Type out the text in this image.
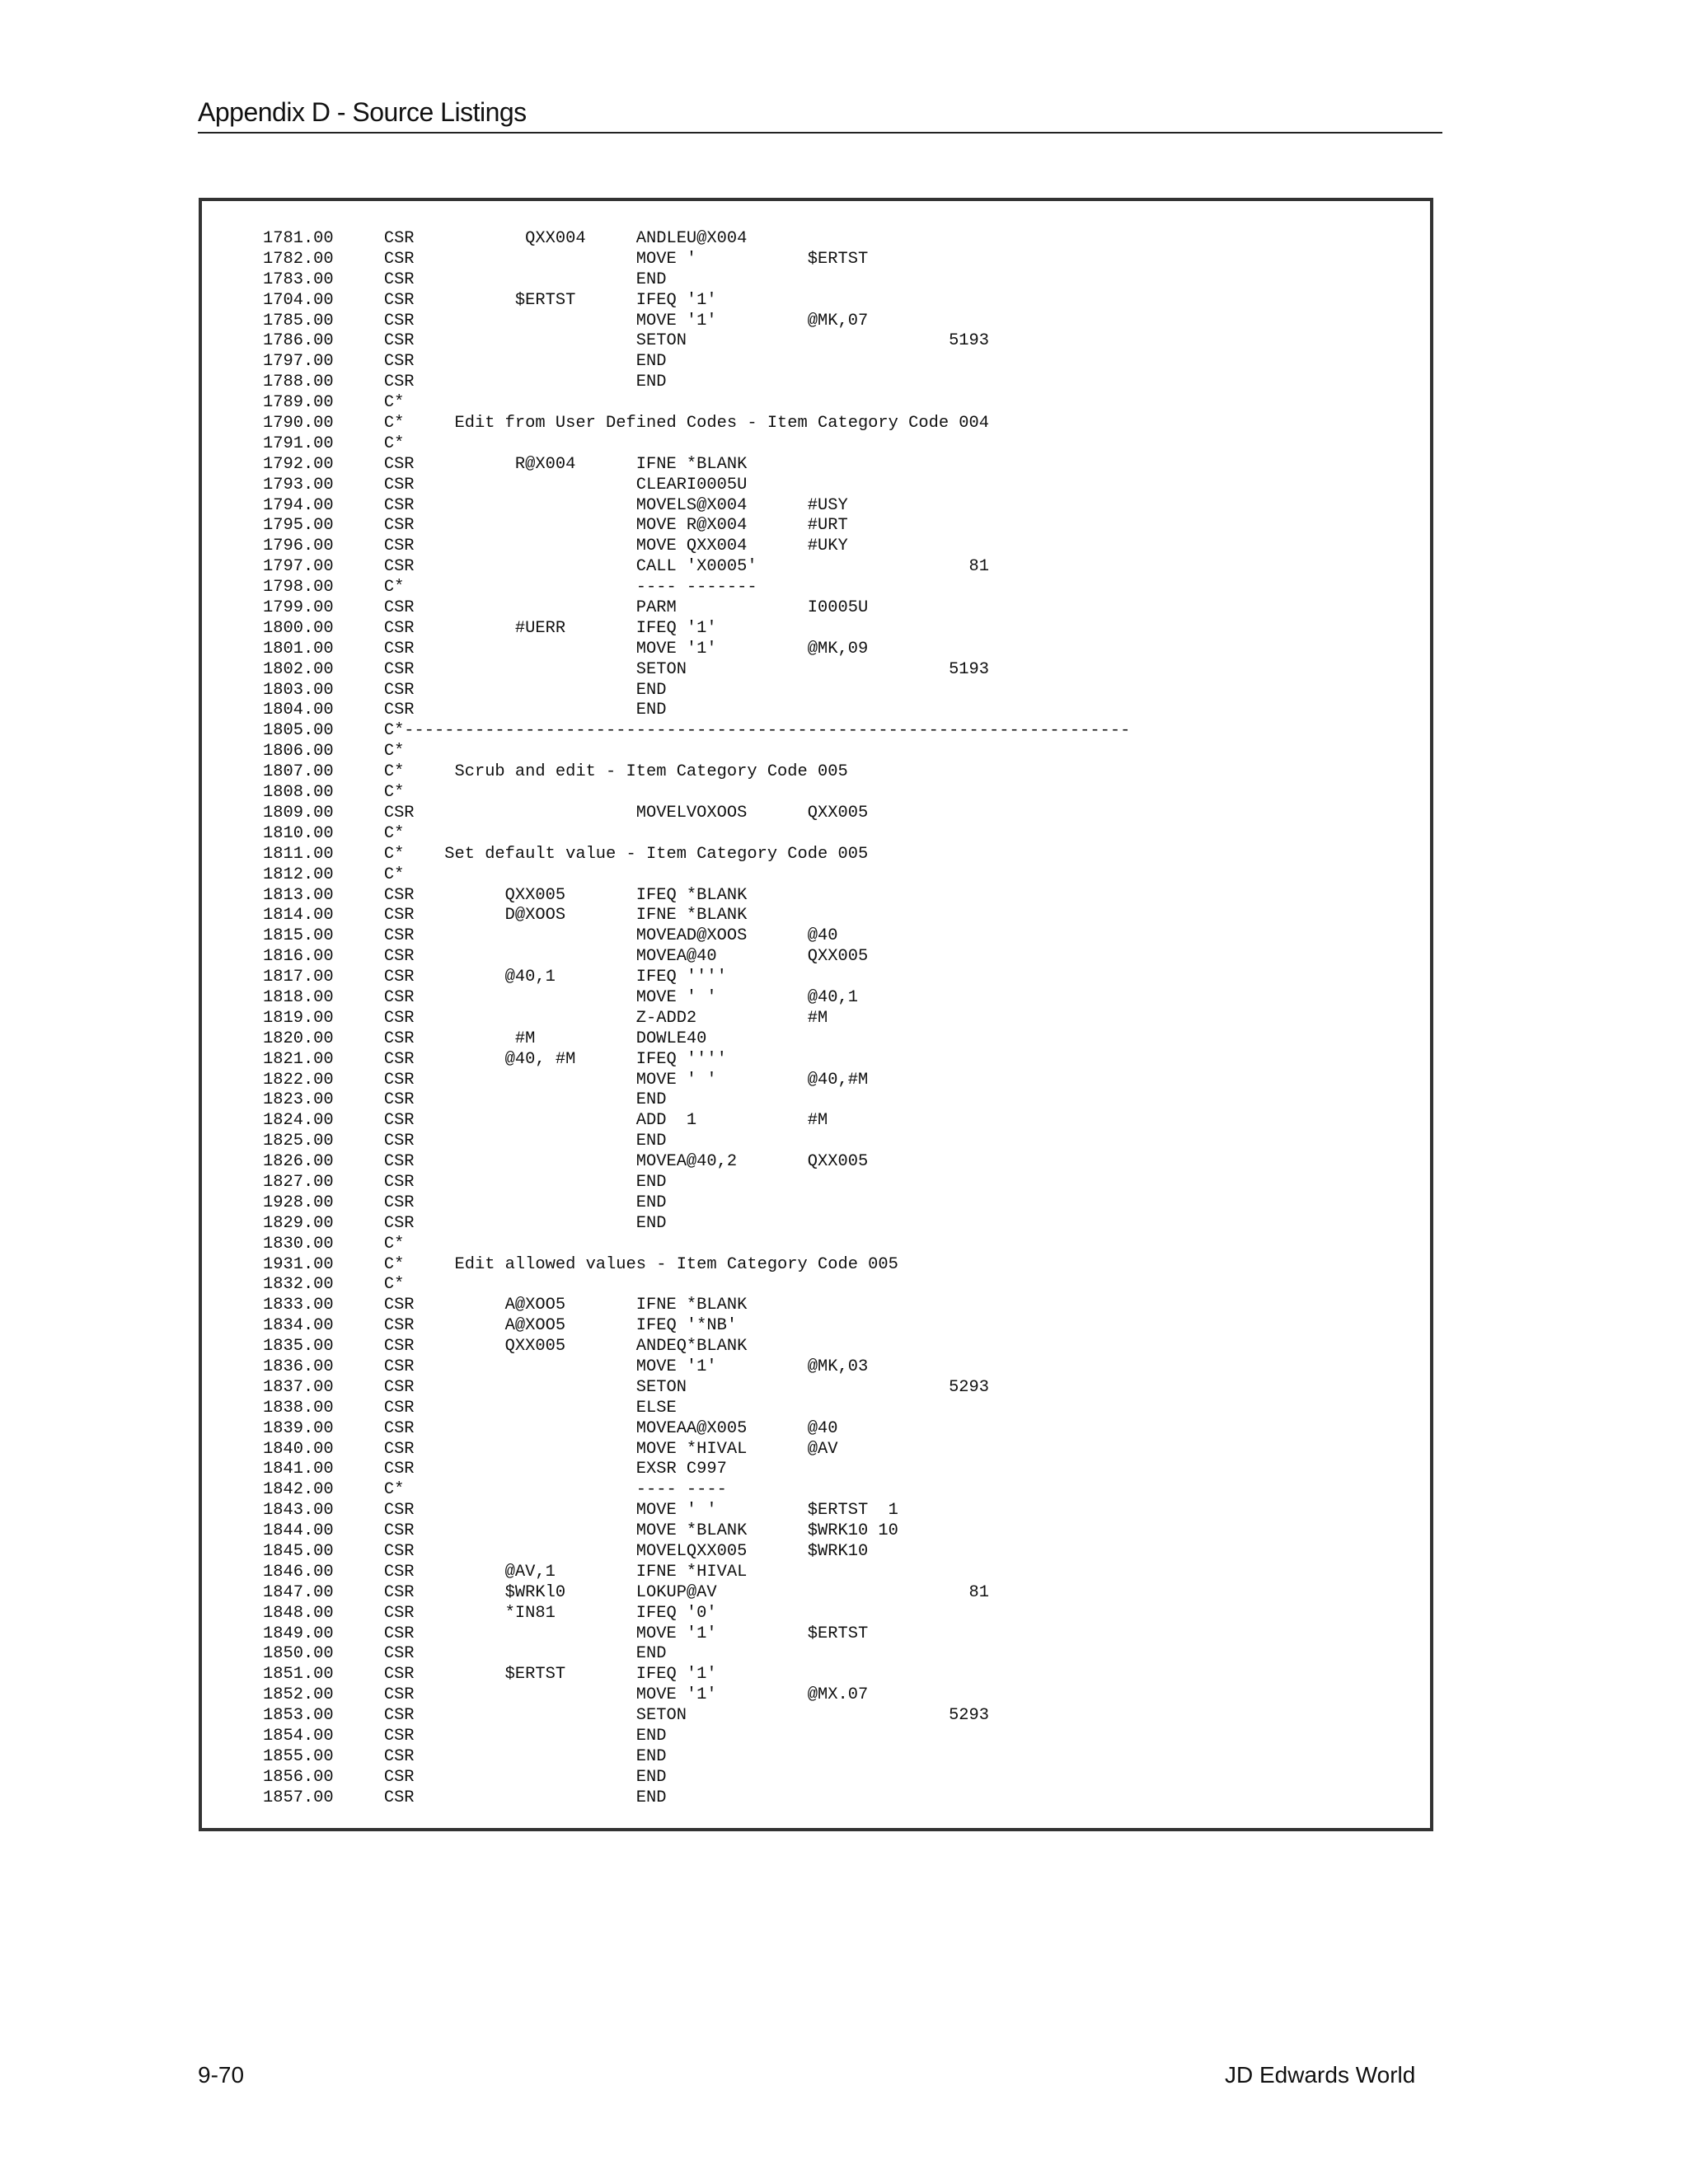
Appendix D - Source Listings
1781.00     CSR           QXX004     ANDLEU@X004
1782.00     CSR                      MOVE '           $ERTST
1783.00     CSR                      END
1704.00     CSR          $ERTST      IFEQ '1'
1785.00     CSR                      MOVE '1'         @MK,07
1786.00     CSR                      SETON                          5193
1797.00     CSR                      END
1788.00     CSR                      END
1789.00     C*
1790.00     C*     Edit from User Defined Codes - Item Category Code 004
1791.00     C*
1792.00     CSR          R@X004      IFNE *BLANK
1793.00     CSR                      CLEARI0005U
1794.00     CSR                      MOVELS@X004      #USY
1795.00     CSR                      MOVE R@X004      #URT
1796.00     CSR                      MOVE QXX004      #UKY
1797.00     CSR                      CALL 'X0005'                     81
1798.00     C*                       ---- -------
1799.00     CSR                      PARM             I0005U
1800.00     CSR          #UERR       IFEQ '1'
1801.00     CSR                      MOVE '1'         @MK,09
1802.00     CSR                      SETON                          5193
1803.00     CSR                      END
1804.00     CSR                      END
1805.00     C*------------------------------------------------------------------------
1806.00     C*
1807.00     C*     Scrub and edit - Item Category Code 005
1808.00     C*
1809.00     CSR                      MOVELVOXOOS      QXX005
1810.00     C*
1811.00     C*    Set default value - Item Category Code 005
1812.00     C*
1813.00     CSR         QXX005       IFEQ *BLANK
1814.00     CSR         D@XOOS       IFNE *BLANK
1815.00     CSR                      MOVEAD@XOOS      @40
1816.00     CSR                      MOVEA@40         QXX005
1817.00     CSR         @40,1        IFEQ ''''
1818.00     CSR                      MOVE ' '         @40,1
1819.00     CSR                      Z-ADD2           #M
1820.00     CSR          #M          DOWLE40
1821.00     CSR         @40, #M      IFEQ ''''
1822.00     CSR                      MOVE ' '         @40,#M
1823.00     CSR                      END
1824.00     CSR                      ADD  1           #M
1825.00     CSR                      END
1826.00     CSR                      MOVEA@40,2       QXX005
1827.00     CSR                      END
1928.00     CSR                      END
1829.00     CSR                      END
1830.00     C*
1931.00     C*     Edit allowed values - Item Category Code 005
1832.00     C*
1833.00     CSR         A@XOO5       IFNE *BLANK
1834.00     CSR         A@XOO5       IFEQ '*NB'
1835.00     CSR         QXX005       ANDEQ*BLANK
1836.00     CSR                      MOVE '1'         @MK,03
1837.00     CSR                      SETON                          5293
1838.00     CSR                      ELSE
1839.00     CSR                      MOVEAA@X005      @40
1840.00     CSR                      MOVE *HIVAL      @AV
1841.00     CSR                      EXSR C997
1842.00     C*                       ---- ----
1843.00     CSR                      MOVE ' '         $ERTST  1
1844.00     CSR                      MOVE *BLANK      $WRK10 10
1845.00     CSR                      MOVELQXX005      $WRK10
1846.00     CSR         @AV,1        IFNE *HIVAL
1847.00     CSR         $WRKl0       LOKUP@AV                         81
1848.00     CSR         *IN81        IFEQ '0'
1849.00     CSR                      MOVE '1'         $ERTST
1850.00     CSR                      END
1851.00     CSR         $ERTST       IFEQ '1'
1852.00     CSR                      MOVE '1'         @MX.07
1853.00     CSR                      SETON                          5293
1854.00     CSR                      END
1855.00     CSR                      END
1856.00     CSR                      END
1857.00     CSR                      END
9-70	JD Edwards World
